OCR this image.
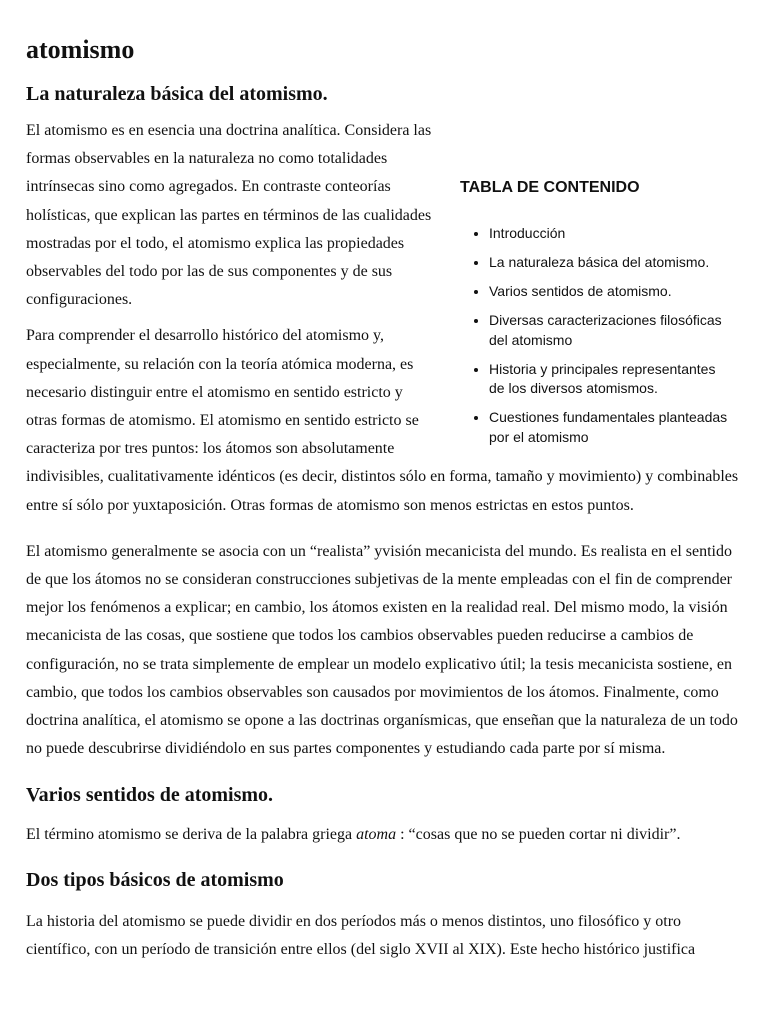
atomismo
TABLA DE CONTENIDO
• Introducción
• La naturaleza básica del atomismo.
• Varios sentidos de atomismo.
• Diversas caracterizaciones filosóficas del atomismo
• Historia y principales representantes de los diversos atomismos.
• Cuestiones fundamentales planteadas por el atomismo
La naturaleza básica del atomismo.

El atomismo es en esencia una doctrina analítica. Considera las formas observables en la naturaleza no como totalidades intrínsecas sino como agregados. En contraste conteorías holísticas, que explican las partes en términos de las cualidades mostradas por el todo, el atomismo explica las propiedades observables del todo por las de sus componentes y de sus configuraciones.

Para comprender el desarrollo histórico del atomismo y, especialmente, su relación con la teoría atómica moderna, es necesario distinguir entre el atomismo en sentido estricto y otras formas de atomismo. El atomismo en sentido estricto se caracteriza por tres puntos: los átomos son absolutamente indivisibles, cualitativamente idénticos (es decir, distintos sólo en forma, tamaño y movimiento) y combinables entre sí sólo por yuxtaposición. Otras formas de atomismo son menos estrictas en estos puntos.

El atomismo generalmente se asocia con un “realista” yvisión mecanicista del mundo. Es realista en el sentido de que los átomos no se consideran construcciones subjetivas de la mente empleadas con el fin de comprender mejor los fenómenos a explicar; en cambio, los átomos existen en la realidad real. Del mismo modo, la visión mecanicista de las cosas, que sostiene que todos los cambios observables pueden reducirse a cambios de configuración, no se trata simplemente de emplear un modelo explicativo útil; la tesis mecanicista sostiene, en cambio, que todos los cambios observables son causados por movimientos de los átomos. Finalmente, como doctrina analítica, el atomismo se opone a las doctrinas organísmicas, que enseñan que la naturaleza de un todo no puede descubrirse dividiéndolo en sus partes componentes y estudiando cada parte por sí misma.

Varios sentidos de atomismo.

El término atomismo se deriva de la palabra griega atoma : “cosas que no se pueden cortar ni dividir”.

Dos tipos básicos de atomismo

La historia del atomismo se puede dividir en dos períodos más o menos distintos, uno filosófico y otro científico, con un período de transición entre ellos (del siglo XVII al XIX). Este hecho histórico justifica
